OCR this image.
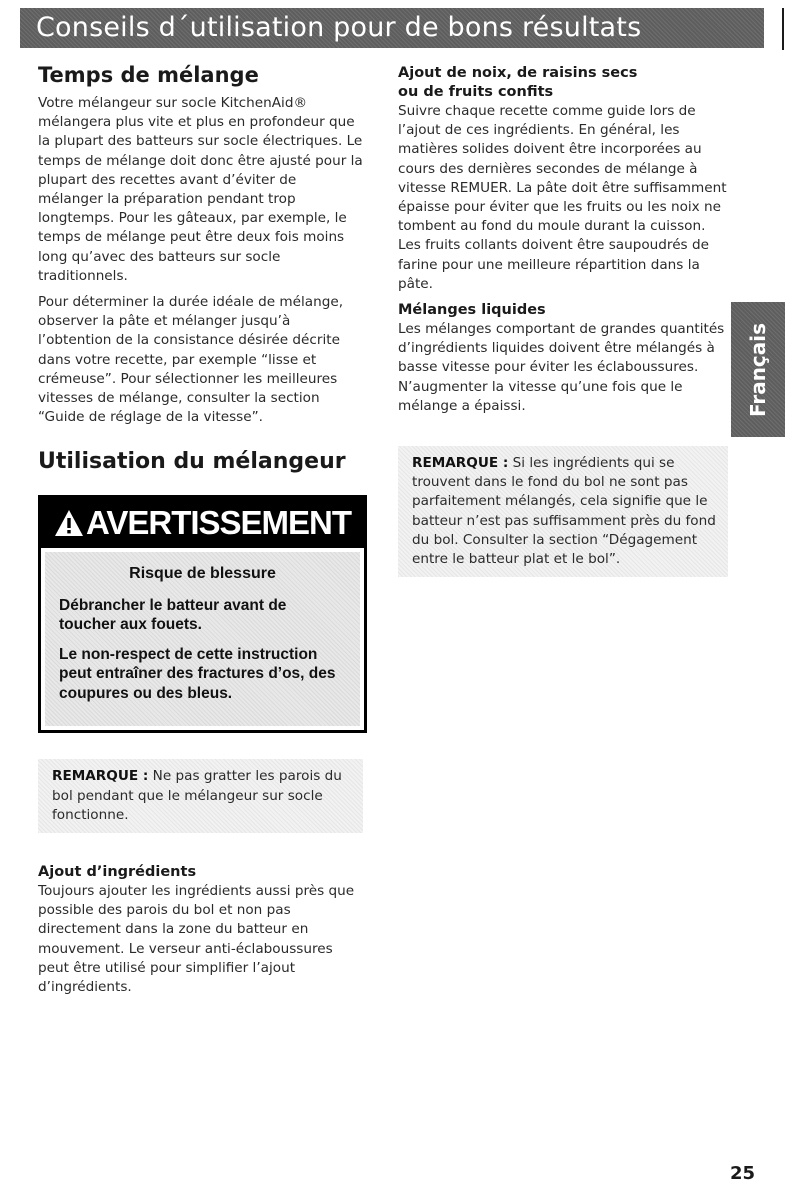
Conseils d´utilisation pour de bons résultats
Temps de mélange

Votre mélangeur sur socle KitchenAid® mélangera plus vite et plus en profondeur que la plupart des batteurs sur socle électriques. Le temps de mélange doit donc être ajusté pour la plupart des recettes avant d’éviter de mélanger la préparation pendant trop longtemps. Pour les gâteaux, par exemple, le temps de mélange peut être deux fois moins long qu’avec des batteurs sur socle traditionnels.

Pour déterminer la durée idéale de mélange, observer la pâte et mélanger jusqu’à l’obtention de la consistance désirée décrite dans votre recette, par exemple “lisse et crémeuse”. Pour sélectionner les meilleures vitesses de mélange, consulter la section “Guide de réglage de la vitesse”.

Utilisation du mélangeur
AVERTISSEMENT
Risque de blessure
Débrancher le batteur avant de toucher aux fouets.
Le non-respect de cette instruction peut entraîner des fractures d’os, des coupures ou des bleus.
REMARQUE : Ne pas gratter les parois du bol pendant que le mélangeur sur socle fonctionne.
Ajout d’ingrédients

Toujours ajouter les ingrédients aussi près que possible des parois du bol et non pas directement dans la zone du batteur en mouvement. Le verseur anti-éclaboussures peut être utilisé pour simplifier l’ajout d’ingrédients.

Ajout de noix, de raisins secs
ou de fruits confits

Suivre chaque recette comme guide lors de l’ajout de ces ingrédients. En général, les matières solides doivent être incorporées au cours des dernières secondes de mélange à vitesse REMUER. La pâte doit être suffisamment épaisse pour éviter que les fruits ou les noix ne tombent au fond du moule durant la cuisson. Les fruits collants doivent être saupoudrés de farine pour une meilleure répartition dans la pâte.

Mélanges liquides

Les mélanges comportant de grandes quantités d’ingrédients liquides doivent être mélangés à basse vitesse pour éviter les éclaboussures. N’augmenter la vitesse qu’une fois que le mélange a épaissi.

REMARQUE : Si les ingrédients qui se trouvent dans le fond du bol ne sont pas parfaitement mélangés, cela signifie que le batteur n’est pas suffisamment près du fond du bol. Consulter la section “Dégagement entre le batteur plat et le bol”.
Français
25
